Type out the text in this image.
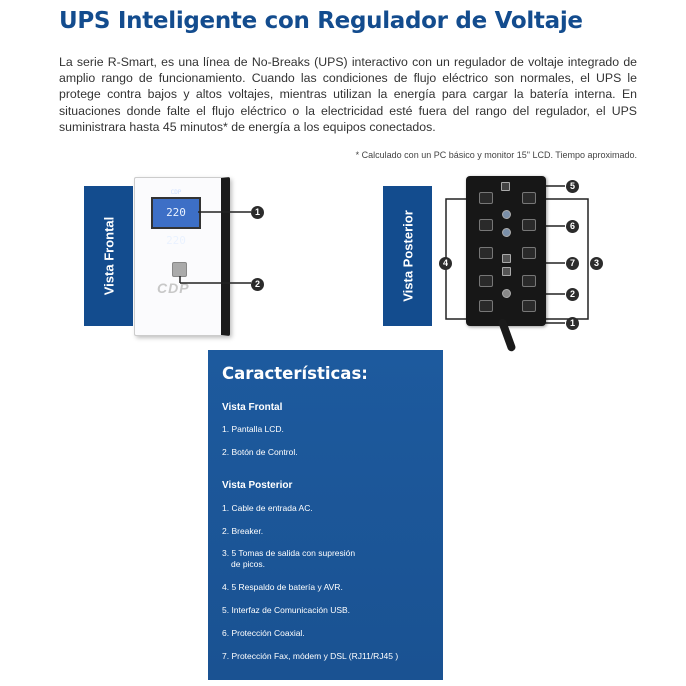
UPS Inteligente con Regulador de Voltaje

La serie R-Smart, es una línea de No-Breaks (UPS) interactivo con un regulador de voltaje integrado de amplio rango de funcionamiento. Cuando las condiciones de flujo eléctrico son normales, el UPS le protege contra bajos y altos voltajes, mientras utilizan la energía para cargar la batería interna. En situaciones donde falte el flujo eléctrico o la electricidad esté fuera del rango del regulador, el UPS suministrara hasta 45 minutos* de energía a los equipos conectados.

* Calculado con un PC básico y monitor 15" LCD. Tiempo aproximado.

Vista Frontal
CDP
220 220
CDP
1
2	Vista Posterior
5
6
7
2
1
4	3
Características:

Vista Frontal

1. Pantalla LCD.

2. Botón de Control.

Vista Posterior

1. Cable de entrada AC.

2. Breaker.

3. 5 Tomas de salida con supresión

de picos.

4. 5 Respaldo de batería y AVR.

5. Interfaz de Comunicación USB.

6. Protección Coaxial.

7. Protección Fax, módem y DSL (RJ11/RJ45 )
